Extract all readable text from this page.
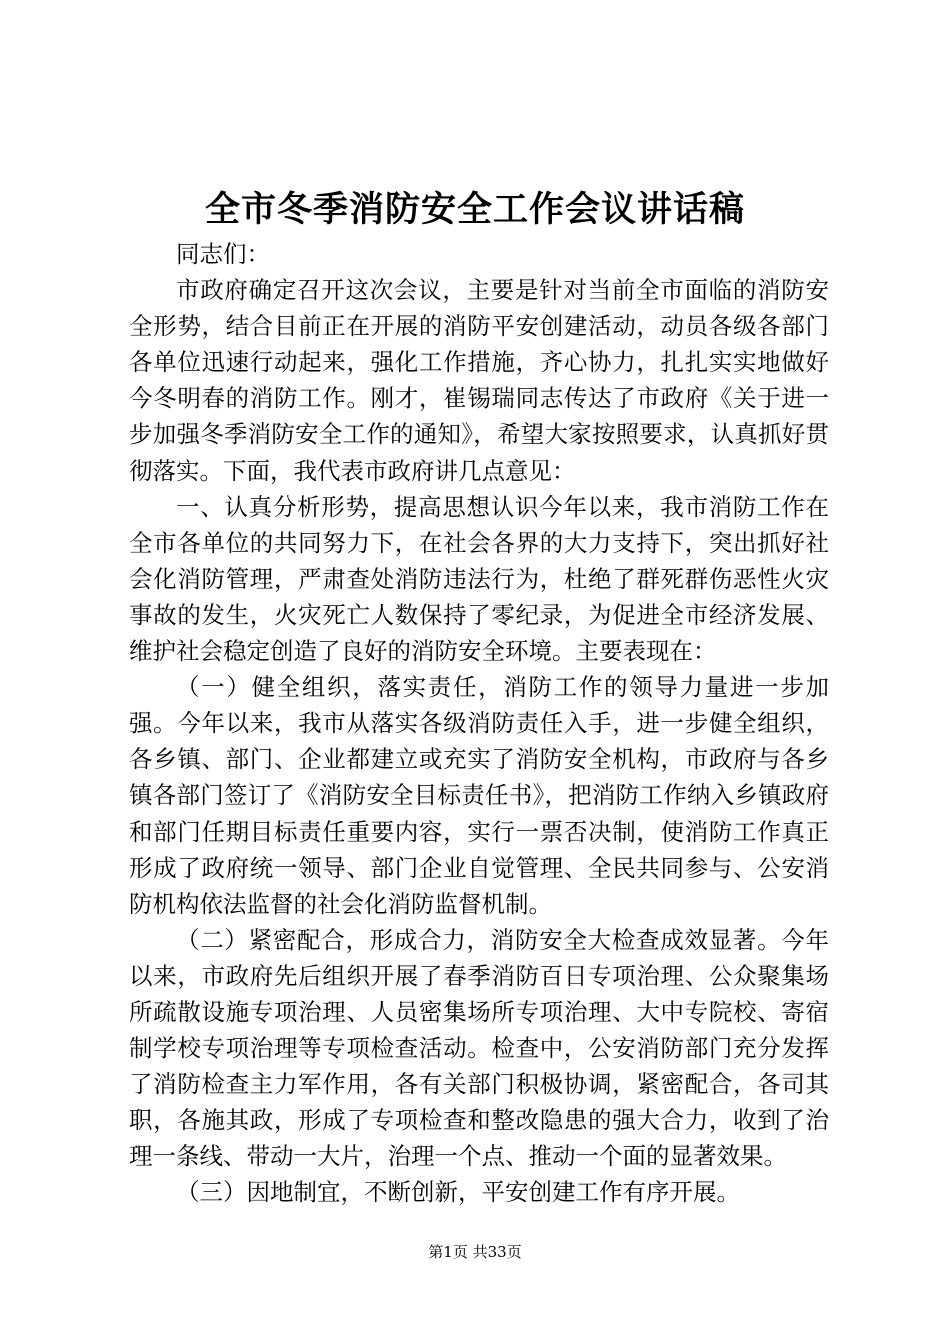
全市冬季消防安全工作会议讲话稿

同志们：

市政府确定召开这次会议，主要是针对当前全市面临的消防安全形势，结合目前正在开展的消防平安创建活动，动员各级各部门各单位迅速行动起来，强化工作措施，齐心协力，扎扎实实地做好今冬明春的消防工作。刚才，崔锡瑞同志传达了市政府《关于进一步加强冬季消防安全工作的通知》，希望大家按照要求，认真抓好贯彻落实。下面，我代表市政府讲几点意见：

一、认真分析形势，提高思想认识今年以来，我市消防工作在全市各单位的共同努力下，在社会各界的大力支持下，突出抓好社会化消防管理，严肃查处消防违法行为，杜绝了群死群伤恶性火灾事故的发生，火灾死亡人数保持了零纪录，为促进全市经济发展、维护社会稳定创造了良好的消防安全环境。主要表现在：

（一）健全组织，落实责任，消防工作的领导力量进一步加强。今年以来，我市从落实各级消防责任入手，进一步健全组织，各乡镇、部门、企业都建立或充实了消防安全机构，市政府与各乡镇各部门签订了《消防安全目标责任书》，把消防工作纳入乡镇政府和部门任期目标责任重要内容，实行一票否决制，使消防工作真正形成了政府统一领导、部门企业自觉管理、全民共同参与、公安消防机构依法监督的社会化消防监督机制。

（二）紧密配合，形成合力，消防安全大检查成效显著。今年以来，市政府先后组织开展了春季消防百日专项治理、公众聚集场所疏散设施专项治理、人员密集场所专项治理、大中专院校、寄宿制学校专项治理等专项检查活动。检查中，公安消防部门充分发挥了消防检查主力军作用，各有关部门积极协调，紧密配合，各司其职，各施其政，形成了专项检查和整改隐患的强大合力，收到了治理一条线、带动一大片，治理一个点、推动一个面的显著效果。

（三）因地制宜，不断创新，平安创建工作有序开展。

第1页 共33页
